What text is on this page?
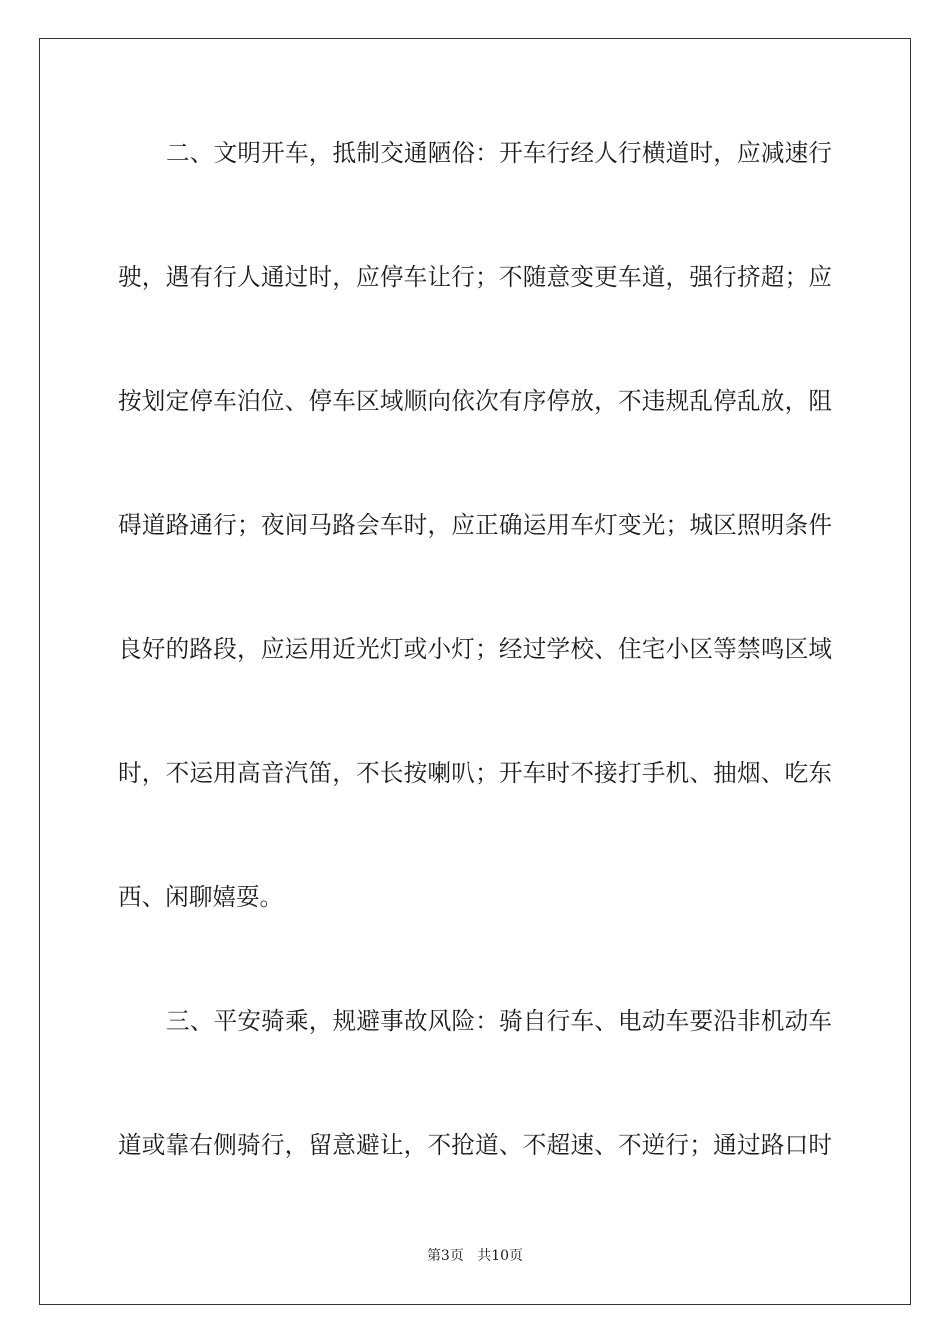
二、文明开车，抵制交通陋俗：开车行经人行横道时，应减速行
驶，遇有行人通过时，应停车让行；不随意变更车道，强行挤超；应
按划定停车泊位、停车区域顺向依次有序停放，不违规乱停乱放，阻
碍道路通行；夜间马路会车时，应正确运用车灯变光；城区照明条件
良好的路段，应运用近光灯或小灯；经过学校、住宅小区等禁鸣区域
时，不运用高音汽笛，不长按喇叭；开车时不接打手机、抽烟、吃东
西、闲聊嬉耍。
三、平安骑乘，规避事故风险：骑自行车、电动车要沿非机动车
道或靠右侧骑行，留意避让，不抢道、不超速、不逆行；通过路口时
第3页 共10页
